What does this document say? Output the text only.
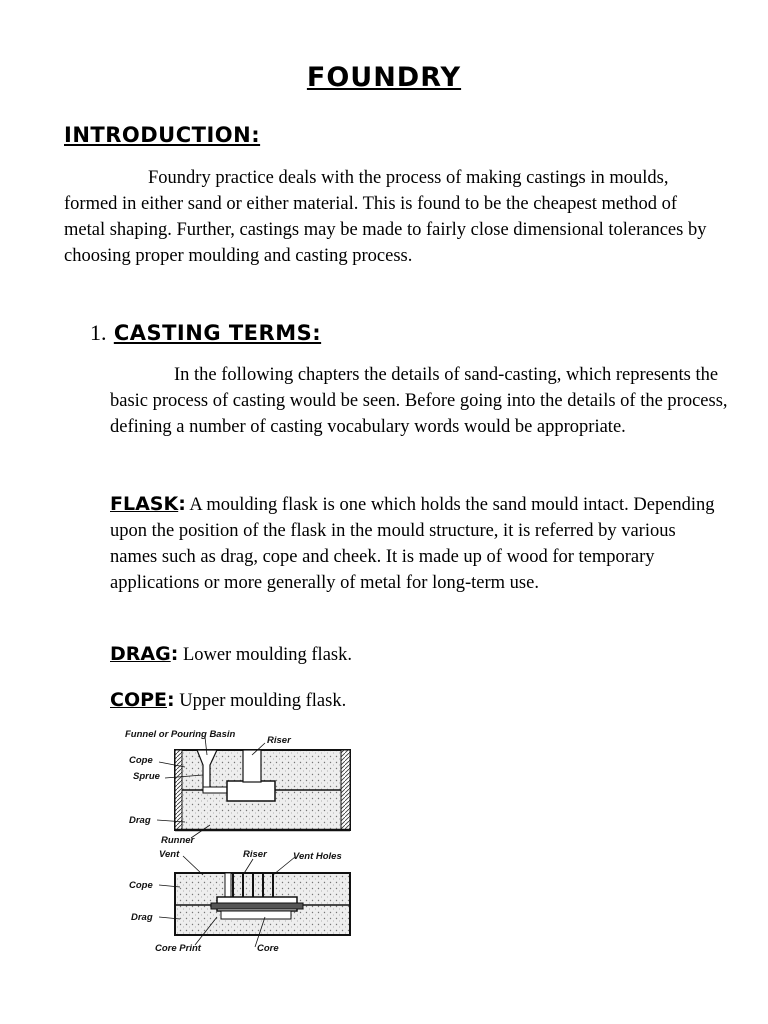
FOUNDRY
INTRODUCTION:

Foundry practice deals with the process of making castings in moulds, formed in either sand or either material. This is found to be the cheapest method of metal shaping. Further, castings may be made to fairly close dimensional tolerances by choosing proper moulding and casting process.

1. CASTING TERMS:

In the following chapters the details of sand-casting, which represents the basic process of casting would be seen. Before going into the details of the process, defining a number of casting vocabulary words would be appropriate.

FLASK: A moulding flask is one which holds the sand mould intact. Depending upon the position of the flask in the mould structure, it is referred by various names such as drag, cope and cheek. It is made up of wood for temporary applications or more generally of metal for long-term use.
DRAG: Lower moulding flask.
COPE: Upper moulding flask.
Funnel or Pouring Basin
Riser
Cope
Sprue
Drag
Runner
Vent	Riser	Vent Holes
Cope
Drag
Core Print	Core
